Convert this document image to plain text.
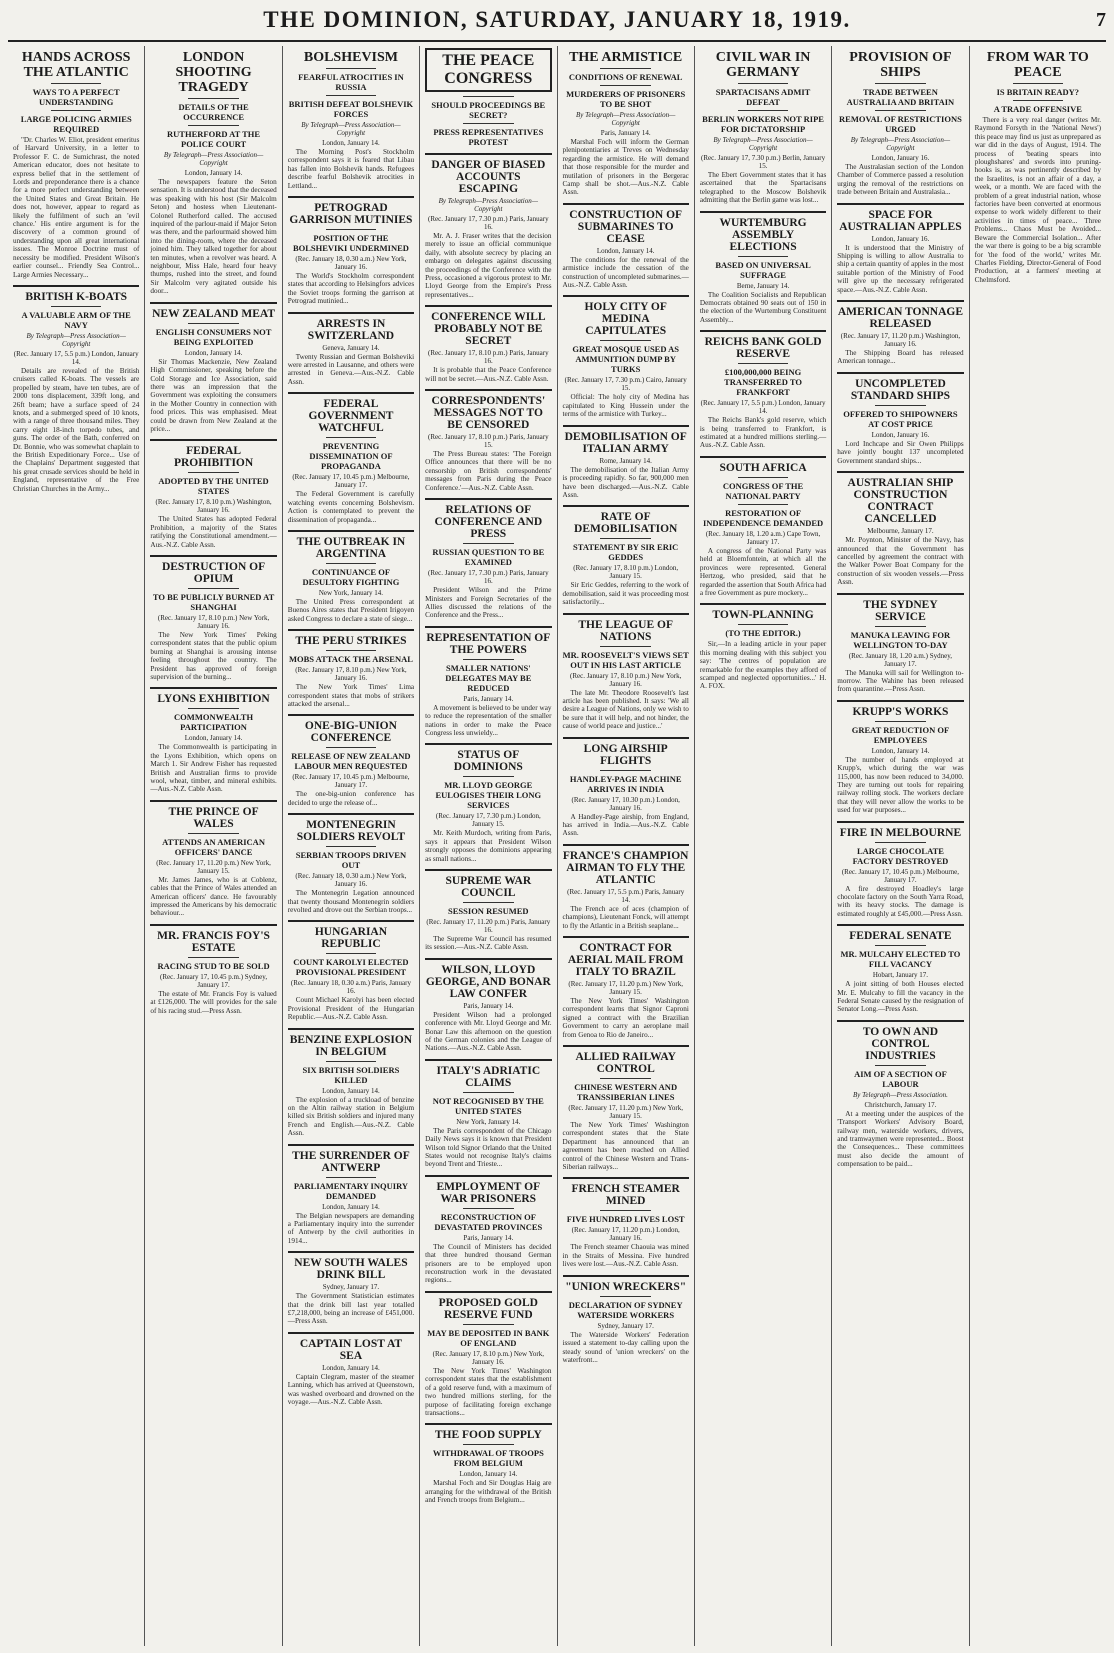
THE DOMINION, SATURDAY, JANUARY 18, 1919.	7
HANDS ACROSS THE ATLANTIC
WAYS TO A PERFECT UNDERSTANDING
LARGE POLICING ARMIES REQUIRED

"Dr. Charles W. Eliot, president emeritus of Harvard University, in a letter to Professor F. C. de Sumichrast, the noted American educator, does not hesitate to express belief that in the settlement of Lords and preponderance there is a chance for a more perfect understanding between the United States and Great Britain. He does not, however, appear to regard as likely the fulfilment of such an 'evil chance.' His entire argument is for the discovery of a common ground of understanding upon all great international issues. The Monroe Doctrine must of necessity be modified. President Wilson's earlier counsel... Friendly Sea Control... Large Armies Necessary...

BRITISH K-BOATS
A VALUABLE ARM OF THE NAVY
By Telegraph—Press Association—Copyright
(Rec. January 17, 5.5 p.m.) London, January 14.

Details are revealed of the British cruisers called K-boats. The vessels are propelled by steam, have ten tubes, are of 2000 tons displacement, 339ft long, and 26ft beam; have a surface speed of 24 knots, and a submerged speed of 10 knots, with a range of three thousand miles. They carry eight 18-inch torpedo tubes, and guns. The order of the Bath, conferred on Dr. Bonnie, who was somewhat chaplain to the British Expeditionary Force... Use of the Chaplains' Department suggested that his great crusade services should be held in England, representative of the Free Christian Churches in the Army...

LONDON SHOOTING TRAGEDY
DETAILS OF THE OCCURRENCE
RUTHERFORD AT THE POLICE COURT
By Telegraph—Press Association—Copyright
London, January 14.

The newspapers feature the Seton sensation. It is understood that the deceased was speaking with his host (Sir Malcolm Seton) and hostess when Lieutenant-Colonel Rutherford called. The accused inquired of the parlour-maid if Major Seton was there, and the parlourmaid showed him into the dining-room, where the deceased joined him. They talked together for about ten minutes, when a revolver was heard. A neighbour, Miss Hale, heard four heavy thumps, rushed into the street, and found Sir Malcolm very agitated outside his door...

NEW ZEALAND MEAT
ENGLISH CONSUMERS NOT BEING EXPLOITED
London, January 14.

Sir Thomas Mackenzie, New Zealand High Commissioner, speaking before the Cold Storage and Ice Association, said there was an impression that the Government was exploiting the consumers in the Mother Country in connection with food prices. This was emphasised. Meat could be drawn from New Zealand at the price...

FEDERAL PROHIBITION
ADOPTED BY THE UNITED STATES
(Rec. January 17, 8.10 p.m.) Washington, January 16.

The United States has adopted Federal Prohibition, a majority of the States ratifying the Constitutional amendment.—Aus.-N.Z. Cable Assn.

DESTRUCTION OF OPIUM
TO BE PUBLICLY BURNED AT SHANGHAI
(Rec. January 17, 8.10 p.m.) New York, January 16.

The New York Times' Peking correspondent states that the public opium burning at Shanghai is arousing intense feeling throughout the country. The President has approved of foreign supervision of the burning...

LYONS EXHIBITION
COMMONWEALTH PARTICIPATION
London, January 14.

The Commonwealth is participating in the Lyons Exhibition, which opens on March 1. Sir Andrew Fisher has requested British and Australian firms to provide wool, wheat, timber, and mineral exhibits.—Aus.-N.Z. Cable Assn.

THE PRINCE OF WALES
ATTENDS AN AMERICAN OFFICERS' DANCE
(Rec. January 17, 11.20 p.m.) New York, January 15.

Mr. James James, who is at Coblenz, cables that the Prince of Wales attended an American officers' dance. He favourably impressed the Americans by his democratic behaviour...

MR. FRANCIS FOY'S ESTATE
RACING STUD TO BE SOLD
(Rec. January 17, 10.45 p.m.) Sydney, January 17.

The estate of Mr. Francis Foy is valued at £126,000. The will provides for the sale of his racing stud.—Press Assn.

BOLSHEVISM
FEARFUL ATROCITIES IN RUSSIA
BRITISH DEFEAT BOLSHEVIK FORCES
By Telegraph—Press Association—Copyright
London, January 14.

The Morning Post's Stockholm correspondent says it is feared that Libau has fallen into Bolshevik hands. Refugees describe fearful Bolshevik atrocities in Lettland...

PETROGRAD GARRISON MUTINIES
POSITION OF THE BOLSHEVIKI UNDERMINED
(Rec. January 18, 0.30 a.m.) New York, January 16.

The World's Stockholm correspondent states that according to Helsingfors advices the Soviet troops forming the garrison at Petrograd mutinied...

ARRESTS IN SWITZERLAND
Geneva, January 14.

Twenty Russian and German Bolsheviki were arrested in Lausanne, and others were arrested in Geneva.—Aus.-N.Z. Cable Assn.

FEDERAL GOVERNMENT WATCHFUL
PREVENTING DISSEMINATION OF PROPAGANDA
(Rec. January 17, 10.45 p.m.) Melbourne, January 17.

The Federal Government is carefully watching events concerning Bolshevism. Action is contemplated to prevent the dissemination of propaganda...

THE OUTBREAK IN ARGENTINA
CONTINUANCE OF DESULTORY FIGHTING
New York, January 14.

The United Press correspondent at Buenos Aires states that President Irigoyen asked Congress to declare a state of siege...

THE PERU STRIKES
MOBS ATTACK THE ARSENAL
(Rec. January 17, 8.10 p.m.) New York, January 16.

The New York Times' Lima correspondent states that mobs of strikers attacked the arsenal...

ONE-BIG-UNION CONFERENCE
RELEASE OF NEW ZEALAND LABOUR MEN REQUESTED
(Rec. January 17, 10.45 p.m.) Melbourne, January 17.

The one-big-union conference has decided to urge the release of...

MONTENEGRIN SOLDIERS REVOLT
SERBIAN TROOPS DRIVEN OUT
(Rec. January 18, 0.30 a.m.) New York, January 16.

The Montenegrin Legation announced that twenty thousand Montenegrin soldiers revolted and drove out the Serbian troops...

HUNGARIAN REPUBLIC
COUNT KAROLYI ELECTED PROVISIONAL PRESIDENT
(Rec. January 18, 0.30 a.m.) Paris, January 16.

Count Michael Karolyi has been elected Provisional President of the Hungarian Republic.—Aus.-N.Z. Cable Assn.

BENZINE EXPLOSION IN BELGIUM
SIX BRITISH SOLDIERS KILLED
London, January 14.

The explosion of a truckload of benzine on the Altin railway station in Belgium killed six British soldiers and injured many French and English.—Aus.-N.Z. Cable Assn.

THE SURRENDER OF ANTWERP
PARLIAMENTARY INQUIRY DEMANDED
London, January 14.

The Belgian newspapers are demanding a Parliamentary inquiry into the surrender of Antwerp by the civil authorities in 1914...

NEW SOUTH WALES DRINK BILL
Sydney, January 17.

The Government Statistician estimates that the drink bill last year totalled £7,218,000, being an increase of £451,000.—Press Assn.

CAPTAIN LOST AT SEA
London, January 14.

Captain Clegram, master of the steamer Lanning, which has arrived at Queenstown, was washed overboard and drowned on the voyage.—Aus.-N.Z. Cable Assn.

THE PEACE CONGRESS
SHOULD PROCEEDINGS BE SECRET?
PRESS REPRESENTATIVES PROTEST
DANGER OF BIASED ACCOUNTS ESCAPING
By Telegraph—Press Association—Copyright
(Rec. January 17, 7.30 p.m.) Paris, January 16.

Mr. A. J. Fraser writes that the decision merely to issue an official communique daily, with absolute secrecy by placing an embargo on delegates against discussing the proceedings of the Conference with the Press, occasioned a vigorous protest to Mr. Lloyd George from the Empire's Press representatives...

CONFERENCE WILL PROBABLY NOT BE SECRET
(Rec. January 17, 8.10 p.m.) Paris, January 16.

It is probable that the Peace Conference will not be secret.—Aus.-N.Z. Cable Assn.

CORRESPONDENTS' MESSAGES NOT TO BE CENSORED
(Rec. January 17, 8.10 p.m.) Paris, January 15.

The Press Bureau states: 'The Foreign Office announces that there will be no censorship on British correspondents' messages from Paris during the Peace Conference.'—Aus.-N.Z. Cable Assn.

RELATIONS OF CONFERENCE AND PRESS
RUSSIAN QUESTION TO BE EXAMINED
(Rec. January 17, 7.30 p.m.) Paris, January 16.

President Wilson and the Prime Ministers and Foreign Secretaries of the Allies discussed the relations of the Conference and the Press...

REPRESENTATION OF THE POWERS
SMALLER NATIONS' DELEGATES MAY BE REDUCED
Paris, January 14.

A movement is believed to be under way to reduce the representation of the smaller nations in order to make the Peace Congress less unwieldy...

STATUS OF DOMINIONS
MR. LLOYD GEORGE EULOGISES THEIR LONG SERVICES
(Rec. January 17, 7.30 p.m.) London, January 15.

Mr. Keith Murdoch, writing from Paris, says it appears that President Wilson strongly opposes the dominions appearing as small nations...

SUPREME WAR COUNCIL
SESSION RESUMED
(Rec. January 17, 11.20 p.m.) Paris, January 16.

The Supreme War Council has resumed its session.—Aus.-N.Z. Cable Assn.

WILSON, LLOYD GEORGE, AND BONAR LAW CONFER
Paris, January 14.

President Wilson had a prolonged conference with Mr. Lloyd George and Mr. Bonar Law this afternoon on the question of the German colonies and the League of Nations.—Aus.-N.Z. Cable Assn.

ITALY'S ADRIATIC CLAIMS
NOT RECOGNISED BY THE UNITED STATES
New York, January 14.

The Paris correspondent of the Chicago Daily News says it is known that President Wilson told Signor Orlando that the United States would not recognise Italy's claims beyond Trent and Trieste...

EMPLOYMENT OF WAR PRISONERS
RECONSTRUCTION OF DEVASTATED PROVINCES
Paris, January 14.

The Council of Ministers has decided that three hundred thousand German prisoners are to be employed upon reconstruction work in the devastated regions...

PROPOSED GOLD RESERVE FUND
MAY BE DEPOSITED IN BANK OF ENGLAND
(Rec. January 17, 8.10 p.m.) New York, January 16.

The New York Times' Washington correspondent states that the establishment of a gold reserve fund, with a maximum of two hundred millions sterling, for the purpose of facilitating foreign exchange transactions...

THE FOOD SUPPLY
WITHDRAWAL OF TROOPS FROM BELGIUM
London, January 14.

Marshal Foch and Sir Douglas Haig are arranging for the withdrawal of the British and French troops from Belgium...

THE ARMISTICE
CONDITIONS OF RENEWAL
MURDERERS OF PRISONERS TO BE SHOT
By Telegraph—Press Association—Copyright
Paris, January 14.

Marshal Foch will inform the German plenipotentiaries at Treves on Wednesday regarding the armistice. He will demand that those responsible for the murder and mutilation of prisoners in the Bergerac Camp shall be shot.—Aus.-N.Z. Cable Assn.

CONSTRUCTION OF SUBMARINES TO CEASE
London, January 14.

The conditions for the renewal of the armistice include the cessation of the construction of uncompleted submarines.—Aus.-N.Z. Cable Assn.

HOLY CITY OF MEDINA CAPITULATES
GREAT MOSQUE USED AS AMMUNITION DUMP BY TURKS
(Rec. January 17, 7.30 p.m.) Cairo, January 15.

Official: The holy city of Medina has capitulated to King Hussein under the terms of the armistice with Turkey...

DEMOBILISATION OF ITALIAN ARMY
Rome, January 14.

The demobilisation of the Italian Army is proceeding rapidly. So far, 900,000 men have been discharged.—Aus.-N.Z. Cable Assn.

RATE OF DEMOBILISATION
STATEMENT BY SIR ERIC GEDDES
(Rec. January 17, 8.10 p.m.) London, January 15.

Sir Eric Geddes, referring to the work of demobilisation, said it was proceeding most satisfactorily...

THE LEAGUE OF NATIONS
MR. ROOSEVELT'S VIEWS SET OUT IN HIS LAST ARTICLE
(Rec. January 17, 8.10 p.m.) New York, January 16.

The late Mr. Theodore Roosevelt's last article has been published. It says: 'We all desire a League of Nations, only we wish to be sure that it will help, and not hinder, the cause of world peace and justice...'

LONG AIRSHIP FLIGHTS
HANDLEY-PAGE MACHINE ARRIVES IN INDIA
(Rec. January 17, 10.30 p.m.) London, January 16.

A Handley-Page airship, from England, has arrived in India.—Aus.-N.Z. Cable Assn.

FRANCE'S CHAMPION AIRMAN TO FLY THE ATLANTIC
(Rec. January 17, 5.5 p.m.) Paris, January 14.

The French ace of aces (champion of champions), Lieutenant Fonck, will attempt to fly the Atlantic in a British seaplane...

CONTRACT FOR AERIAL MAIL FROM ITALY TO BRAZIL
(Rec. January 17, 11.20 p.m.) New York, January 15.

The New York Times' Washington correspondent learns that Signor Caproni signed a contract with the Brazilian Government to carry an aeroplane mail from Genoa to Rio de Janeiro...

ALLIED RAILWAY CONTROL
CHINESE WESTERN AND TRANSSIBERIAN LINES
(Rec. January 17, 11.20 p.m.) New York, January 15.

The New York Times' Washington correspondent states that the State Department has announced that an agreement has been reached on Allied control of the Chinese Western and Trans-Siberian railways...

FRENCH STEAMER MINED
FIVE HUNDRED LIVES LOST
(Rec. January 17, 11.20 p.m.) London, January 16.

The French steamer Chaouia was mined in the Straits of Messina. Five hundred lives were lost.—Aus.-N.Z. Cable Assn.

"UNION WRECKERS"
DECLARATION OF SYDNEY WATERSIDE WORKERS
Sydney, January 17.

The Waterside Workers' Federation issued a statement to-day calling upon the steady sound of 'union wreckers' on the waterfront...

CIVIL WAR IN GERMANY
SPARTACISANS ADMIT DEFEAT
BERLIN WORKERS NOT RIPE FOR DICTATORSHIP
By Telegraph—Press Association—Copyright
(Rec. January 17, 7.30 p.m.) Berlin, January 15.

The Ebert Government states that it has ascertained that the Spartacisans telegraphed to the Moscow Bolshevik admitting that the Berlin game was lost...

WURTEMBURG ASSEMBLY ELECTIONS
BASED ON UNIVERSAL SUFFRAGE
Berne, January 14.

The Coalition Socialists and Republican Democrats obtained 90 seats out of 150 in the election of the Wurtemburg Constituent Assembly...

REICHS BANK GOLD RESERVE
£100,000,000 BEING TRANSFERRED TO FRANKFORT
(Rec. January 17, 5.5 p.m.) London, January 14.

The Reichs Bank's gold reserve, which is being transferred to Frankfort, is estimated at a hundred millions sterling.—Aus.-N.Z. Cable Assn.

SOUTH AFRICA
CONGRESS OF THE NATIONAL PARTY
RESTORATION OF INDEPENDENCE DEMANDED
(Rec. January 18, 1.20 a.m.) Cape Town, January 17.

A congress of the National Party was held at Bloemfontein, at which all the provinces were represented. General Hertzog, who presided, said that he regarded the assertion that South Africa had a free Government as pure mockery...

TOWN-PLANNING
(TO THE EDITOR.)

Sir,—In a leading article in your paper this morning dealing with this subject you say: 'The centres of population are remarkable for the examples they afford of scamped and neglected opportunities...' H. A. FOX.

PROVISION OF SHIPS
TRADE BETWEEN AUSTRALIA AND BRITAIN
REMOVAL OF RESTRICTIONS URGED
By Telegraph—Press Association—Copyright
London, January 16.

The Australasian section of the London Chamber of Commerce passed a resolution urging the removal of the restrictions on trade between Britain and Australasia...

SPACE FOR AUSTRALIAN APPLES
London, January 16.

It is understood that the Ministry of Shipping is willing to allow Australia to ship a certain quantity of apples in the most suitable portion of the Ministry of Food will give up the necessary refrigerated space.—Aus.-N.Z. Cable Assn.

AMERICAN TONNAGE RELEASED
(Rec. January 17, 11.20 p.m.) Washington, January 16.

The Shipping Board has released American tonnage...

UNCOMPLETED STANDARD SHIPS
OFFERED TO SHIPOWNERS AT COST PRICE
London, January 16.

Lord Inchcape and Sir Owen Philipps have jointly bought 137 uncompleted Government standard ships...

AUSTRALIAN SHIP CONSTRUCTION CONTRACT CANCELLED
Melbourne, January 17.

Mr. Poynton, Minister of the Navy, has announced that the Government has cancelled by agreement the contract with the Walker Power Boat Company for the construction of six wooden vessels.—Press Assn.

THE SYDNEY SERVICE
MANUKA LEAVING FOR WELLINGTON TO-DAY
(Rec. January 18, 1.20 a.m.) Sydney, January 17.

The Manuka will sail for Wellington to-morrow. The Wahine has been released from quarantine.—Press Assn.

KRUPP'S WORKS
GREAT REDUCTION OF EMPLOYEES
London, January 14.

The number of hands employed at Krupp's, which during the war was 115,000, has now been reduced to 34,000. They are turning out tools for repairing railway rolling stock. The workers declare that they will never allow the works to be used for war purposes...

FIRE IN MELBOURNE
LARGE CHOCOLATE FACTORY DESTROYED
(Rec. January 17, 10.45 p.m.) Melbourne, January 17.

A fire destroyed Hoadley's large chocolate factory on the South Yarra Road, with its heavy stocks. The damage is estimated roughly at £45,000.—Press Assn.

FEDERAL SENATE
MR. MULCAHY ELECTED TO FILL VACANCY
Hobart, January 17.

A joint sitting of both Houses elected Mr. E. Mulcahy to fill the vacancy in the Federal Senate caused by the resignation of Senator Long.—Press Assn.

TO OWN AND CONTROL INDUSTRIES
AIM OF A SECTION OF LABOUR
By Telegraph—Press Association.
Christchurch, January 17.

At a meeting under the auspices of the 'Transport Workers' Advisory Board, railway men, waterside workers, drivers, and tramwaymen were represented... Boost the Consequences... These committees must also decide the amount of compensation to be paid...

FROM WAR TO PEACE
IS BRITAIN READY?
A TRADE OFFENSIVE

There is a very real danger (writes Mr. Raymond Forsyth in the 'National News') this peace may find us just as unprepared as war did in the days of August, 1914. The process of 'beating spears into ploughshares' and swords into pruning-hooks is, as was pertinently described by the Israelites, is not an affair of a day, a week, or a month. We are faced with the problem of a great industrial nation, whose factories have been converted at enormous expense to work widely different to their activities in times of peace... Three Problems... Chaos Must be Avoided... Beware the Commercial Isolation... After the war there is going to be a big scramble for 'the food of the world,' writes Mr. Charles Fielding, Director-General of Food Production, at a farmers' meeting at Chelmsford.
